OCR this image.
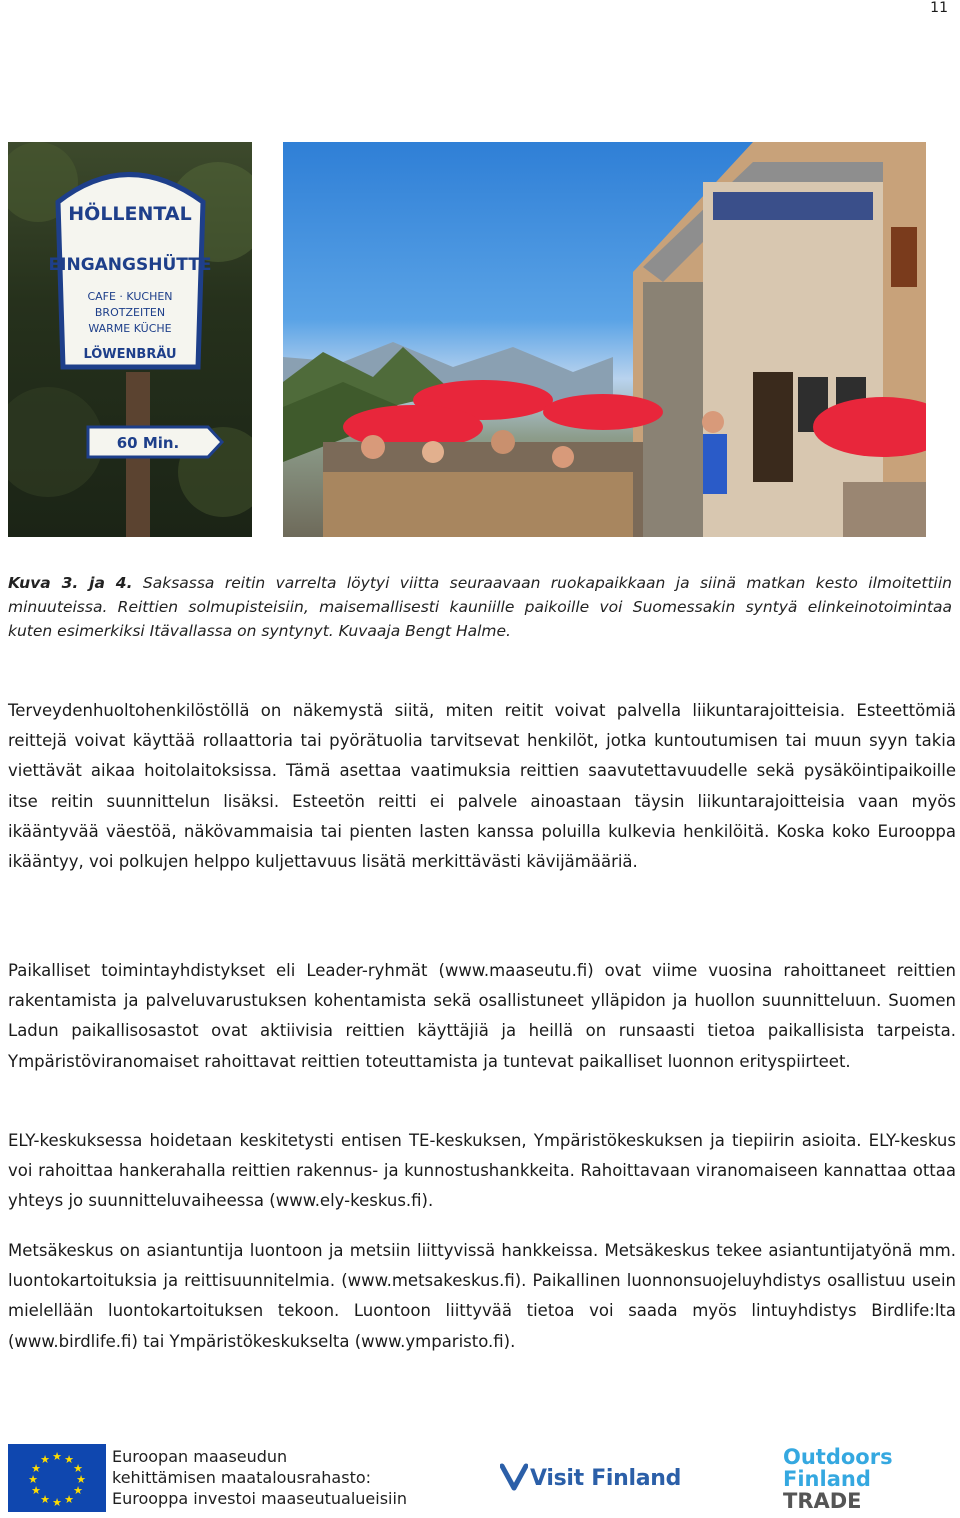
11
HÖLLENTAL
EINGANGSHÜTTE
CAFE · KUCHEN
BROTZEITEN
WARME KÜCHE
LÖWENBRÄU
60 Min.

Kuva 3. ja 4. Saksassa reitin varrelta löytyi viitta seuraavaan ruokapaikkaan ja siinä matkan kesto ilmoitettiin minuuteissa. Reittien solmupisteisiin, maisemallisesti kauniille paikoille voi Suomessakin syntyä elinkeinotoimintaa kuten esimerkiksi Itävallassa on syntynyt. Kuvaaja Bengt Halme.

Terveydenhuoltohenkilöstöllä on näkemystä siitä, miten reitit voivat palvella liikuntarajoitteisia. Esteettömiä reittejä voivat käyttää rollaattoria tai pyörätuolia tarvitsevat henkilöt, jotka kuntoutumisen tai muun syyn takia viettävät aikaa hoitolaitoksissa. Tämä asettaa vaatimuksia reittien saavutettavuudelle sekä pysäköintipaikoille itse reitin suunnittelun lisäksi. Esteetön reitti ei palvele ainoastaan täysin liikuntarajoitteisia vaan myös ikääntyvää väestöä, näkövammaisia tai pienten lasten kanssa poluilla kulkevia henkilöitä. Koska koko Eurooppa ikääntyy, voi polkujen helppo kuljettavuus lisätä merkittävästi kävijämääriä.

Paikalliset toimintayhdistykset eli Leader-ryhmät (www.maaseutu.fi) ovat viime vuosina rahoittaneet reittien rakentamista ja palveluvarustuksen kohentamista sekä osallistuneet ylläpidon ja huollon suunnitteluun. Suomen Ladun paikallisosastot ovat aktiivisia reittien käyttäjiä ja heillä on runsaasti tietoa paikallisista tarpeista. Ympäristöviranomaiset rahoittavat reittien toteuttamista ja tuntevat paikalliset luonnon erityspiirteet.

ELY-keskuksessa hoidetaan keskitetysti entisen TE-keskuksen, Ympäristökeskuksen ja tiepiirin asioita. ELY-keskus voi rahoittaa hankerahalla reittien rakennus- ja kunnostushankkeita. Rahoittavaan viranomaiseen kannattaa ottaa yhteys jo suunnitteluvaiheessa (www.ely-keskus.fi).

Metsäkeskus on asiantuntija luontoon ja metsiin liittyvissä hankkeissa. Metsäkeskus tekee asiantuntijatyönä mm. luontokartoituksia ja reittisuunnitelmia. (www.metsakeskus.fi). Paikallinen luonnonsuojeluyhdistys osallistuu usein mielellään luontokartoituksen tekoon. Luontoon liittyvää tietoa voi saada myös lintuyhdistys Birdlife:lta (www.birdlife.fi) tai Ympäristökeskukselta (www.ymparisto.fi).

★ ★
★
★
★
★
★
★
★
★
★
★	Euroopan maaseudun
kehittämisen maatalousrahasto:
Eurooppa investoi maaseutualueisiin
Visit Finland
Outdoors
Finland
TRADE
